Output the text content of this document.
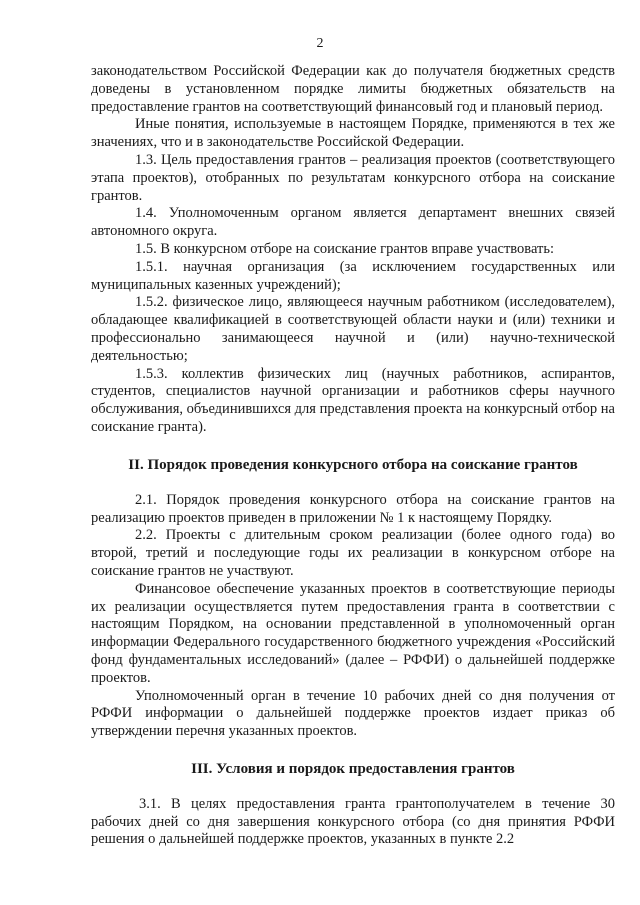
2

законодательством Российской Федерации как до получателя бюджетных средств доведены в установленном порядке лимиты бюджетных обязательств на предоставление грантов на соответствующий финансовый год и плановый период.

Иные понятия, используемые в настоящем Порядке, применяются в тех же значениях, что и в законодательстве Российской Федерации.

1.3. Цель предоставления грантов – реализация проектов (соответствующего этапа проектов), отобранных по результатам конкурсного отбора на соискание грантов.

1.4. Уполномоченным органом является департамент внешних связей автономного округа.

1.5. В конкурсном отборе на соискание грантов вправе участвовать:

1.5.1. научная организация (за исключением государственных или муниципальных казенных учреждений);

1.5.2. физическое лицо, являющееся научным работником (исследователем), обладающее квалификацией в соответствующей области науки и (или) техники и профессионально занимающееся научной и (или) научно-технической деятельностью;

1.5.3. коллектив физических лиц (научных работников, аспирантов, студентов, специалистов научной организации и работников сферы научного обслуживания, объединившихся для представления проекта на конкурсный отбор на соискание гранта).

II. Порядок проведения конкурсного отбора на соискание грантов

2.1. Порядок проведения конкурсного отбора на соискание грантов на реализацию проектов приведен в приложении № 1 к настоящему Порядку.

2.2. Проекты с длительным сроком реализации (более одного года) во второй, третий и последующие годы их реализации в конкурсном отборе на соискание грантов не участвуют.

Финансовое обеспечение указанных проектов в соответствующие периоды их реализации осуществляется путем предоставления гранта в соответствии с настоящим Порядком, на основании представленной в уполномоченный орган информации Федерального государственного бюджетного учреждения «Российский фонд фундаментальных исследований» (далее – РФФИ) о дальнейшей поддержке проектов.

Уполномоченный орган в течение 10 рабочих дней со дня получения от РФФИ информации о дальнейшей поддержке проектов издает приказ об утверждении перечня указанных проектов.

III. Условия и порядок предоставления грантов

3.1. В целях предоставления гранта грантополучателем в течение 30 рабочих дней со дня завершения конкурсного отбора (со дня принятия РФФИ решения о дальнейшей поддержке проектов, указанных в пункте 2.2
